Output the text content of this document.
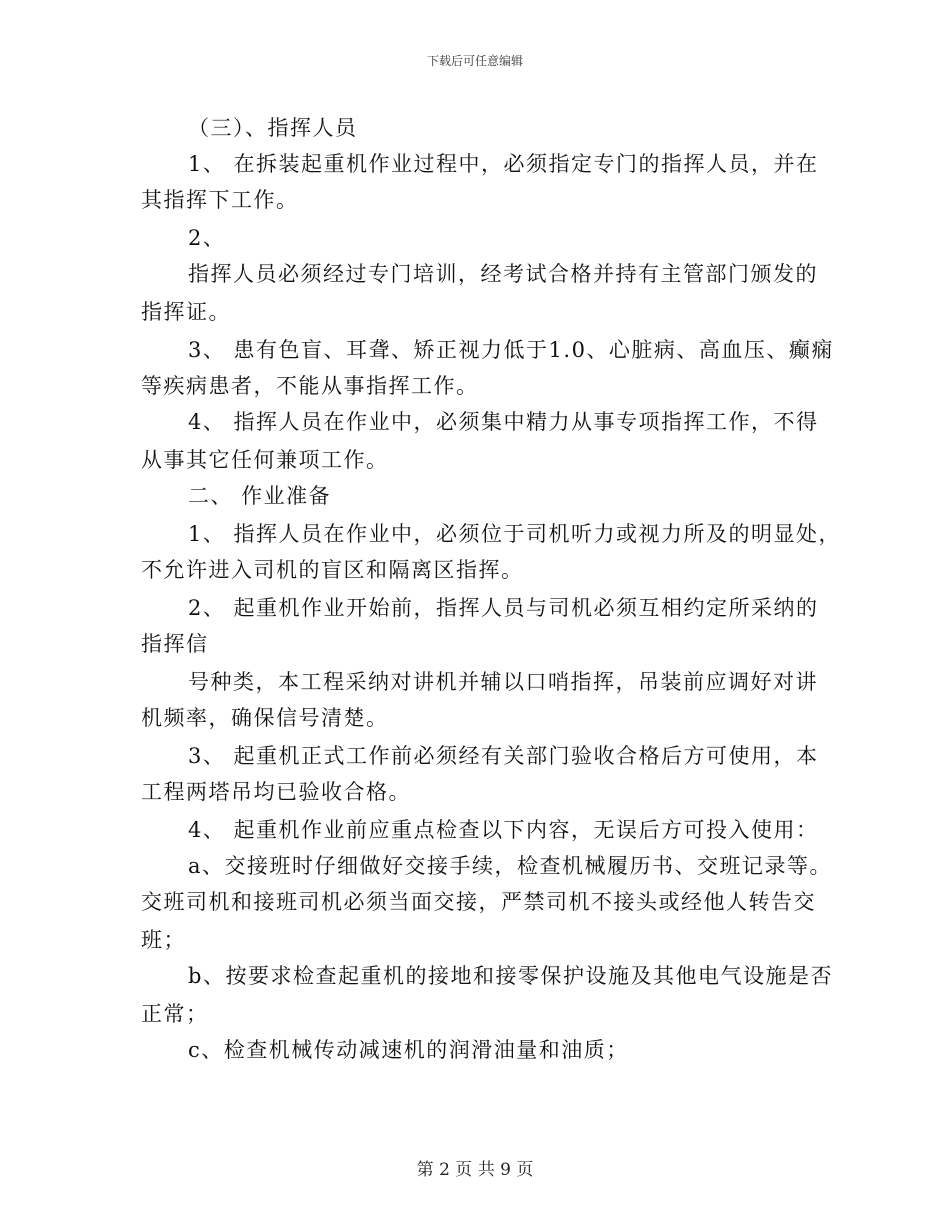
下载后可任意编辑
（三）、指挥人员
1、 在拆装起重机作业过程中，必须指定专门的指挥人员，并在
其指挥下工作。
2、
指挥人员必须经过专门培训，经考试合格并持有主管部门颁发的
指挥证。
3、 患有色盲、耳聋、矫正视力低于1.0、心脏病、高血压、癫痫
等疾病患者，不能从事指挥工作。
4、 指挥人员在作业中，必须集中精力从事专项指挥工作，不得
从事其它任何兼项工作。
二、 作业准备
1、 指挥人员在作业中，必须位于司机听力或视力所及的明显处，
不允许进入司机的盲区和隔离区指挥。
2、 起重机作业开始前，指挥人员与司机必须互相约定所采纳的
指挥信
号种类，本工程采纳对讲机并辅以口哨指挥，吊装前应调好对讲
机频率，确保信号清楚。
3、 起重机正式工作前必须经有关部门验收合格后方可使用，本
工程两塔吊均已验收合格。
4、 起重机作业前应重点检查以下内容，无误后方可投入使用：
a、交接班时仔细做好交接手续，检查机械履历书、交班记录等。
交班司机和接班司机必须当面交接，严禁司机不接头或经他人转告交
班；
b、按要求检查起重机的接地和接零保护设施及其他电气设施是否
正常；
c、检查机械传动减速机的润滑油量和油质；
第 2 页 共 9 页
